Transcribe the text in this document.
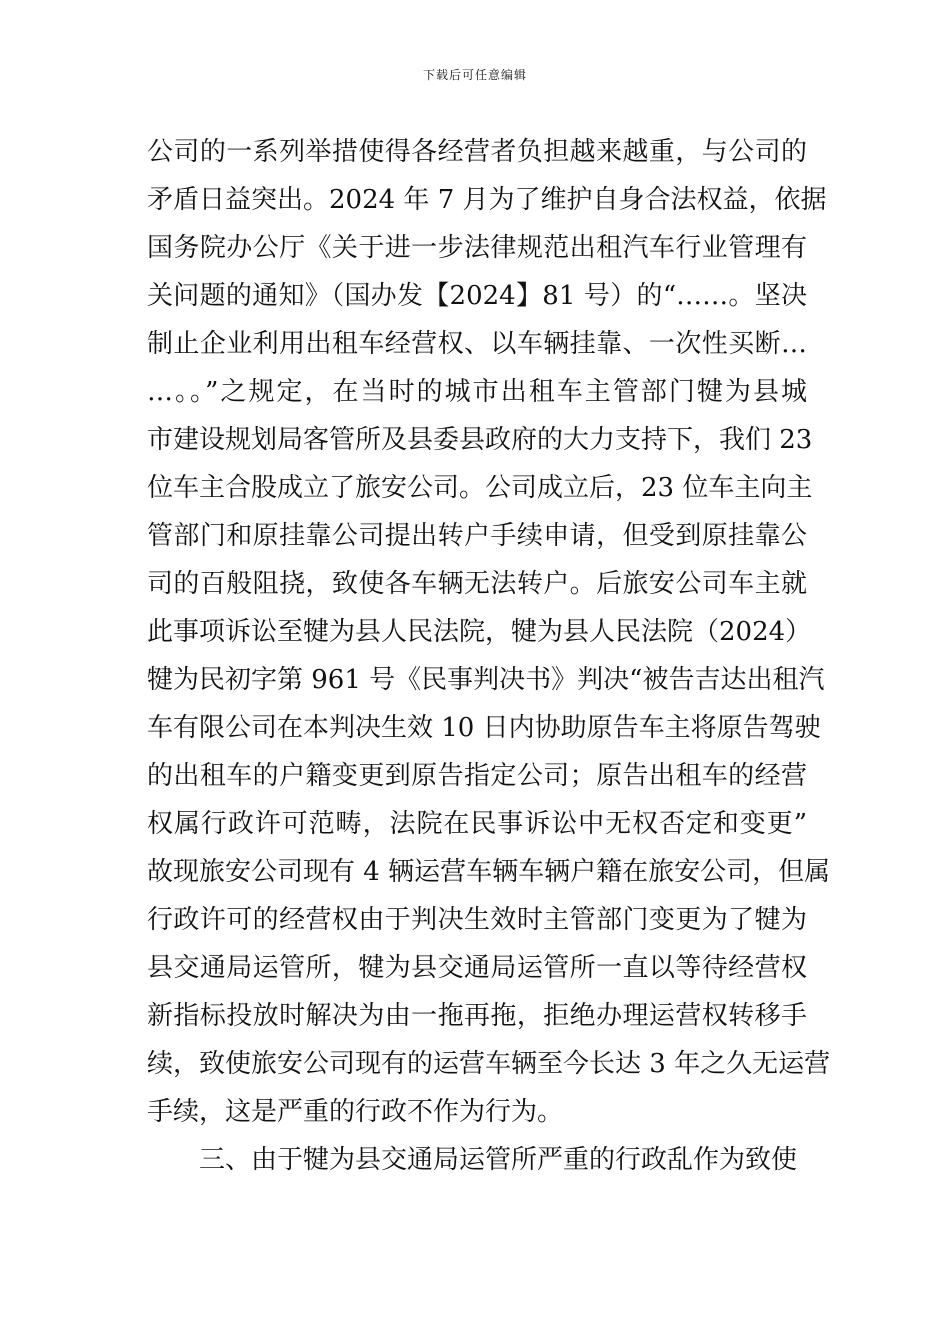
下载后可任意编辑
公司的一系列举措使得各经营者负担越来越重，与公司的
矛盾日益突出。2024 年 7 月为了维护自身合法权益，依据
国务院办公厅《关于进一步法律规范出租汽车行业管理有
关问题的通知》（国办发【2024】81 号）的“……。坚决
制止企业利用出租车经营权、以车辆挂靠、一次性买断…
…。。”之规定，在当时的城市出租车主管部门犍为县城
市建设规划局客管所及县委县政府的大力支持下，我们 23
位车主合股成立了旅安公司。公司成立后，23 位车主向主
管部门和原挂靠公司提出转户手续申请，但受到原挂靠公
司的百般阻挠，致使各车辆无法转户。后旅安公司车主就
此事项诉讼至犍为县人民法院，犍为县人民法院（2024）
犍为民初字第 961 号《民事判决书》判决“被告吉达出租汽
车有限公司在本判决生效 10 日内协助原告车主将原告驾驶
的出租车的户籍变更到原告指定公司；原告出租车的经营
权属行政许可范畴，法院在民事诉讼中无权否定和变更”
故现旅安公司现有 4 辆运营车辆车辆户籍在旅安公司，但属
行政许可的经营权由于判决生效时主管部门变更为了犍为
县交通局运管所，犍为县交通局运管所一直以等待经营权
新指标投放时解决为由一拖再拖，拒绝办理运营权转移手
续，致使旅安公司现有的运营车辆至今长达 3 年之久无运营
手续，这是严重的行政不作为行为。
三、由于犍为县交通局运管所严重的行政乱作为致使
